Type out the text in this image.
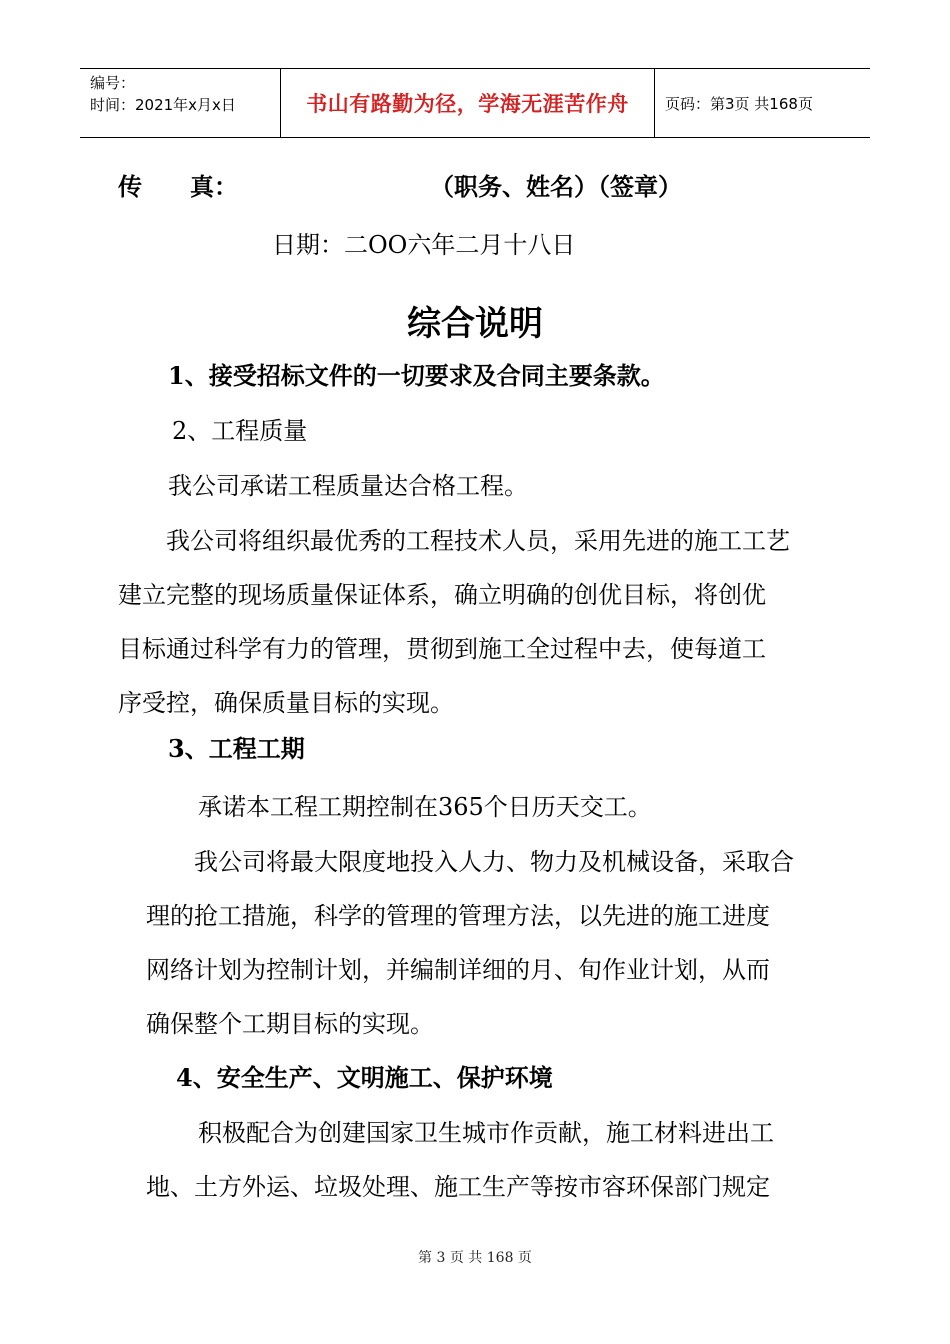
编号：
时间：2021年x月x日	书山有路勤为径，学海无涯苦作舟	页码：第3页 共168页
传　　真：	（职务、姓名）（签章）
日期：二OO六年二月十八日
综合说明
1、接受招标文件的一切要求及合同主要条款。
2、工程质量
我公司承诺工程质量达合格工程。
我公司将组织最优秀的工程技术人员，采用先进的施工工艺
建立完整的现场质量保证体系，确立明确的创优目标，将创优
目标通过科学有力的管理，贯彻到施工全过程中去，使每道工
序受控，确保质量目标的实现。
3、工程工期
承诺本工程工期控制在365个日历天交工。
我公司将最大限度地投入人力、物力及机械设备，采取合
理的抢工措施，科学的管理的管理方法，以先进的施工进度
网络计划为控制计划，并编制详细的月、旬作业计划，从而
确保整个工期目标的实现。
4、安全生产、文明施工、保护环境
积极配合为创建国家卫生城市作贡献，施工材料进出工
地、土方外运、垃圾处理、施工生产等按市容环保部门规定
第 3 页 共 168 页
